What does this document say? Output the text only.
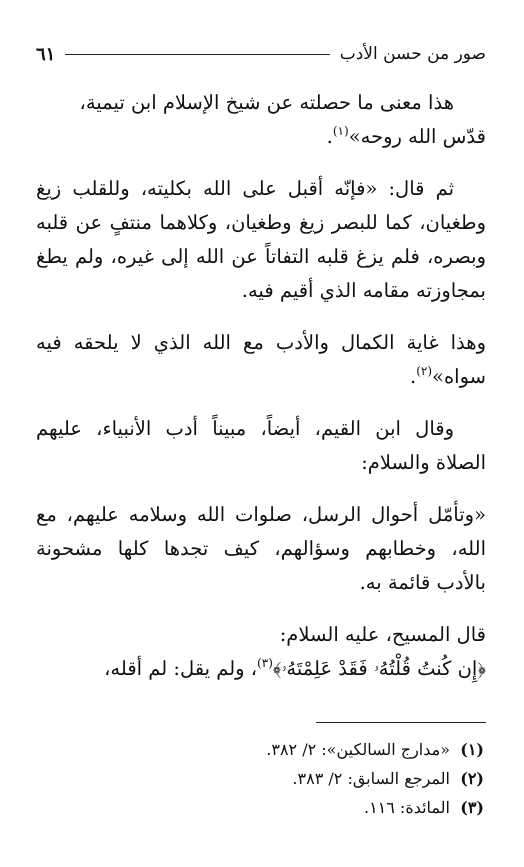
صور من حسن الأدب
٦١

هذا معنى ما حصلته عن شيخ الإسلام ابن تيمية،
قدّس الله روحه»$^{(١)}$.

ثم قال: «فإنّه أقبل على الله بكليته، وللقلب زيغ وطغيان، كما للبصر زيغ وطغيان، وكلاهما منتفٍ عن قلبه وبصره، فلم يزغ قلبه التفاتاً عن الله إلى غيره، ولم يطغ بمجاوزته مقامه الذي أقيم فيه.

وهذا غاية الكمال والأدب مع الله الذي لا يلحقه فيه سواه»$^{(٢)}$.

وقال ابن القيم، أيضاً، مبيناً أدب الأنبياء، عليهم الصلاة والسلام:

«وتأمّل أحوال الرسل، صلوات الله وسلامه عليهم، مع الله، وخطابهم وسؤالهم، كيف تجدها كلها مشحونة بالأدب قائمة به.

قال المسيح، عليه السلام:
﴿إِن كُنتُ قُلْتُهُۥ فَقَدْ عَلِمْتَهُۥ﴾$^{(٣)}$، ولم يقل: لم أقله،

(١)
«مدارج السالكين»: ٢/ ٣٨٢.
(٢)
المرجع السابق: ٢/ ٣٨٣.
(٣)
المائدة: ١١٦.
